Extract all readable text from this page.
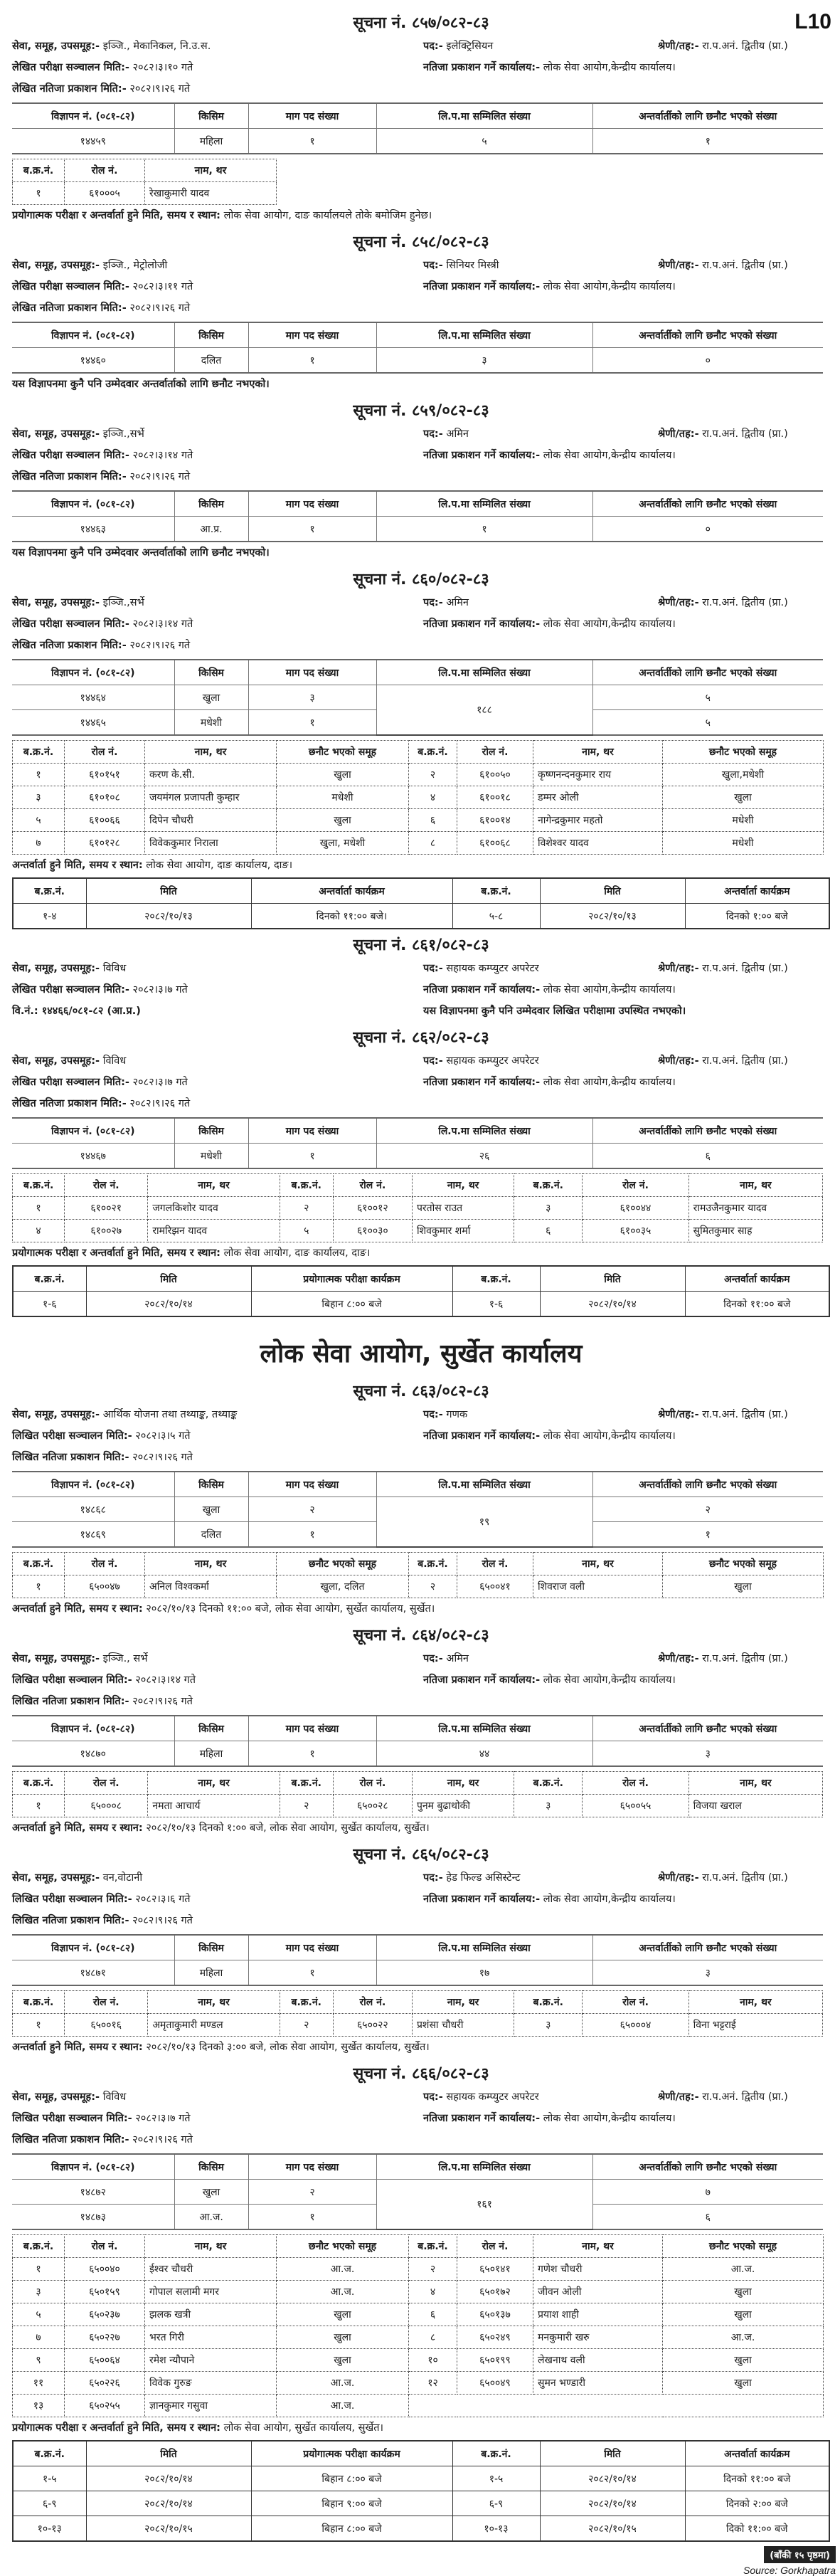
L10
सूचना नं. ८५७/०८२-८३
सेवा, समूह, उपसमूह:- इञ्जि., मेकानिकल, नि.उ.स.	पद:- इलेक्ट्रिसियन	श्रेणी/तह:- रा.प.अनं. द्वितीय (प्रा.)
लेखित परीक्षा सञ्चालन मिति:- २०८२।३।१० गते	नतिजा प्रकाशन गर्ने कार्यालय:- लोक सेवा आयोग,केन्द्रीय कार्यालय।
लेखित नतिजा प्रकाशन मिति:- २०८२।९।२६ गते
विज्ञापन नं. (०८१-८२)	किसिम	माग पद संख्या	लि.प.मा सम्मिलित संख्या	अन्तर्वार्तीको लागि छनौट भएको संख्या
१४४५९	महिला	१	५	१
ब.क्र.नं.	रोल नं.	नाम, थर
१	६१०००५	रेखाकुमारी यादव
प्रयोगात्मक परीक्षा र अन्तर्वार्ता हुने मिति, समय र स्थान: लोक सेवा आयोग, दाङ कार्यालयले तोके बमोजिम हुनेछ।
सूचना नं. ८५८/०८२-८३
सेवा, समूह, उपसमूह:- इञ्जि., मेट्रोलोजी	पद:- सिनियर मिस्त्री	श्रेणी/तह:- रा.प.अनं. द्वितीय (प्रा.)
लेखित परीक्षा सञ्चालन मिति:- २०८२।३।११ गते	नतिजा प्रकाशन गर्ने कार्यालय:- लोक सेवा आयोग,केन्द्रीय कार्यालय।
लेखित नतिजा प्रकाशन मिति:- २०८२।९।२६ गते
विज्ञापन नं. (०८१-८२)	किसिम	माग पद संख्या	लि.प.मा सम्मिलित संख्या	अन्तर्वार्तीको लागि छनौट भएको संख्या
१४४६०	दलित	१	३	०
यस विज्ञापनमा कुनै पनि उम्मेदवार अन्तर्वार्ताको लागि छनौट नभएको।
सूचना नं. ८५९/०८२-८३
सेवा, समूह, उपसमूह:- इञ्जि.,सर्भे	पद:- अमिन	श्रेणी/तह:- रा.प.अनं. द्वितीय (प्रा.)
लेखित परीक्षा सञ्चालन मिति:- २०८२।३।१४ गते	नतिजा प्रकाशन गर्ने कार्यालय:- लोक सेवा आयोग,केन्द्रीय कार्यालय।
लेखित नतिजा प्रकाशन मिति:- २०८२।९।२६ गते
विज्ञापन नं. (०८१-८२)	किसिम	माग पद संख्या	लि.प.मा सम्मिलित संख्या	अन्तर्वार्तीको लागि छनौट भएको संख्या
१४४६३	आ.प्र.	१	१	०
यस विज्ञापनमा कुनै पनि उम्मेदवार अन्तर्वार्ताको लागि छनौट नभएको।
सूचना नं. ८६०/०८२-८३
सेवा, समूह, उपसमूह:- इञ्जि.,सर्भे	पद:- अमिन	श्रेणी/तह:- रा.प.अनं. द्वितीय (प्रा.)
लेखित परीक्षा सञ्चालन मिति:- २०८२।३।१४ गते	नतिजा प्रकाशन गर्ने कार्यालय:- लोक सेवा आयोग,केन्द्रीय कार्यालय।
लेखित नतिजा प्रकाशन मिति:- २०८२।९।२६ गते
विज्ञापन नं. (०८१-८२)	किसिम	माग पद संख्या	लि.प.मा सम्मिलित संख्या	अन्तर्वार्तीको लागि छनौट भएको संख्या
१४४६४	खुला	३	१८८	५
१४४६५	मधेशी	१		५
ब.क्र.नं.	रोल नं.	नाम, थर	छनौट भएको समूह	ब.क्र.नं.	रोल नं.	नाम, थर	छनौट भएको समूह
१	६१०१५१	करण के.सी.	खुला	२	६१००५०	कृष्णनन्दनकुमार राय	खुला,मधेशी
३	६१०१०८	जयमंगल प्रजापती कुम्हार	मधेशी	४	६१००१८	डम्मर ओली	खुला
५	६१००६६	दिपेन चौधरी	खुला	६	६१००१४	नागेन्द्रकुमार महतो	मधेशी
७	६१०१२८	विवेककुमार निराला	खुला, मधेशी	८	६१००६८	विशेश्वर यादव	मधेशी
अन्तर्वार्ता हुने मिति, समय र स्थान: लोक सेवा आयोग, दाङ कार्यालय, दाङ।
ब.क्र.नं.	मिति	अन्तर्वार्ता कार्यक्रम	ब.क्र.नं.	मिति	अन्तर्वार्ता कार्यक्रम
१-४	२०८२/१०/१३	दिनको ११:०० बजे।	५-८	२०८२/१०/१३	दिनको १:०० बजे
सूचना नं. ८६१/०८२-८३
सेवा, समूह, उपसमूह:- विविध	पद:- सहायक कम्प्युटर अपरेटर	श्रेणी/तह:- रा.प.अनं. द्वितीय (प्रा.)
लेखित परीक्षा सञ्चालन मिति:- २०८२।३।७ गते	नतिजा प्रकाशन गर्ने कार्यालय:- लोक सेवा आयोग,केन्द्रीय कार्यालय।
वि.नं.: १४४६६/०८१-८२ (आ.प्र.)	यस विज्ञापनमा कुनै पनि उम्मेदवार लिखित परीक्षामा उपस्थित नभएको।
सूचना नं. ८६२/०८२-८३
सेवा, समूह, उपसमूह:- विविध	पद:- सहायक कम्प्युटर अपरेटर	श्रेणी/तह:- रा.प.अनं. द्वितीय (प्रा.)
लेखित परीक्षा सञ्चालन मिति:- २०८२।३।७ गते	नतिजा प्रकाशन गर्ने कार्यालय:- लोक सेवा आयोग,केन्द्रीय कार्यालय।
लेखित नतिजा प्रकाशन मिति:- २०८२।९।२६ गते
विज्ञापन नं. (०८१-८२)	किसिम	माग पद संख्या	लि.प.मा सम्मिलित संख्या	अन्तर्वार्तीको लागि छनौट भएको संख्या
१४४६७	मधेशी	१	२६	६
ब.क्र.नं.	रोल नं.	नाम, थर	ब.क्र.नं.	रोल नं.	नाम, थर	ब.क्र.नं.	रोल नं.	नाम, थर
१	६१००२१	जगलकिशोर यादव	२	६१००१२	परतोस राउत	३	६१००४४	रामउजैनकुमार यादव
४	६१००२७	रामरिझन यादव	५	६१००३०	शिवकुमार शर्मा	६	६१००३५	सुमितकुमार साह
प्रयोगात्मक परीक्षा र अन्तर्वार्ता हुने मिति, समय र स्थान: लोक सेवा आयोग, दाङ कार्यालय, दाङ।
ब.क्र.नं.	मिति	प्रयोगात्मक परीक्षा कार्यक्रम	ब.क्र.नं.	मिति	अन्तर्वार्ता कार्यक्रम
१-६	२०८२/१०/१४	बिहान ८:०० बजे	१-६	२०८२/१०/१४	दिनको ११:०० बजे
लोक सेवा आयोग, सुर्खेत कार्यालय
सूचना नं. ८६३/०८२-८३
सेवा, समूह, उपसमूह:- आर्थिक योजना तथा तथ्याङ्क, तथ्याङ्क	पद:- गणक	श्रेणी/तह:- रा.प.अनं. द्वितीय (प्रा.)
लिखित परीक्षा सञ्चालन मिति:- २०८२।३।५ गते	नतिजा प्रकाशन गर्ने कार्यालय:- लोक सेवा आयोग,केन्द्रीय कार्यालय।
लिखित नतिजा प्रकाशन मिति:- २०८२।९।२६ गते
विज्ञापन नं. (०८१-८२)	किसिम	माग पद संख्या	लि.प.मा सम्मिलित संख्या	अन्तर्वार्तीको लागि छनौट भएको संख्या
१४८६८	खुला	२	१९	२
१४८६९	दलित	१		१
ब.क्र.नं.	रोल नं.	नाम, थर	छनौट भएको समूह	ब.क्र.नं.	रोल नं.	नाम, थर	छनौट भएको समूह
१	६५००४७	अनिल विश्वकर्मा	खुला, दलित	२	६५००४१	शिवराज वली	खुला
अन्तर्वार्ता हुने मिति, समय र स्थान: २०८२/१०/१३ दिनको ११:०० बजे, लोक सेवा आयोग, सुर्खेत कार्यालय, सुर्खेत।
सूचना नं. ८६४/०८२-८३
सेवा, समूह, उपसमूह:- इञ्जि., सर्भे	पद:- अमिन	श्रेणी/तह:- रा.प.अनं. द्वितीय (प्रा.)
लिखित परीक्षा सञ्चालन मिति:- २०८२।३।१४ गते	नतिजा प्रकाशन गर्ने कार्यालय:- लोक सेवा आयोग,केन्द्रीय कार्यालय।
लिखित नतिजा प्रकाशन मिति:- २०८२।९।२६ गते
विज्ञापन नं. (०८१-८२)	किसिम	माग पद संख्या	लि.प.मा सम्मिलित संख्या	अन्तर्वार्तीको लागि छनौट भएको संख्या
१४८७०	महिला	१	४४	३
ब.क्र.नं.	रोल नं.	नाम, थर	ब.क्र.नं.	रोल नं.	नाम, थर	ब.क्र.नं.	रोल नं.	नाम, थर
१	६५०००८	नमता आचार्य	२	६५००२८	पुनम बुढाथोकी	३	६५००५५	विजया खराल
अन्तर्वार्ता हुने मिति, समय र स्थान: २०८२/१०/१३ दिनको १:०० बजे, लोक सेवा आयोग, सुर्खेत कार्यालय, सुर्खेत।
सूचना नं. ८६५/०८२-८३
सेवा, समूह, उपसमूह:- वन,वोटानी	पद:- हेड फिल्ड असिस्टेन्ट	श्रेणी/तह:- रा.प.अनं. द्वितीय (प्रा.)
लिखित परीक्षा सञ्चालन मिति:- २०८२।३।६ गते	नतिजा प्रकाशन गर्ने कार्यालय:- लोक सेवा आयोग,केन्द्रीय कार्यालय।
लिखित नतिजा प्रकाशन मिति:- २०८२।९।२६ गते
विज्ञापन नं. (०८१-८२)	किसिम	माग पद संख्या	लि.प.मा सम्मिलित संख्या	अन्तर्वार्तीको लागि छनौट भएको संख्या
१४८७१	महिला	१	१७	३
ब.क्र.नं.	रोल नं.	नाम, थर	ब.क्र.नं.	रोल नं.	नाम, थर	ब.क्र.नं.	रोल नं.	नाम, थर
१	६५००१६	अमृताकुमारी मण्डल	२	६५००२२	प्रशंसा चौधरी	३	६५०००४	विना भट्टराई
अन्तर्वार्ता हुने मिति, समय र स्थान: २०८२/१०/१३ दिनको ३:०० बजे, लोक सेवा आयोग, सुर्खेत कार्यालय, सुर्खेत।
सूचना नं. ८६६/०८२-८३
सेवा, समूह, उपसमूह:- विविध	पद:- सहायक कम्प्युटर अपरेटर	श्रेणी/तह:- रा.प.अनं. द्वितीय (प्रा.)
लिखित परीक्षा सञ्चालन मिति:- २०८२।३।७ गते	नतिजा प्रकाशन गर्ने कार्यालय:- लोक सेवा आयोग,केन्द्रीय कार्यालय।
लिखित नतिजा प्रकाशन मिति:- २०८२।९।२६ गते
विज्ञापन नं. (०८१-८२)	किसिम	माग पद संख्या	लि.प.मा सम्मिलित संख्या	अन्तर्वार्तीको लागि छनौट भएको संख्या
१४८७२	खुला	२	१६१	७
१४८७३	आ.ज.	१		६
ब.क्र.नं.	रोल नं.	नाम, थर	छनौट भएको समूह	ब.क्र.नं.	रोल नं.	नाम, थर	छनौट भएको समूह
१	६५००४०	ईश्वर चौधरी	आ.ज.	२	६५०१४१	गणेश चौधरी	आ.ज.
३	६५०१५९	गोपाल सलामी मगर	आ.ज.	४	६५०१७२	जीवन ओली	खुला
५	६५०२३७	झलक खत्री	खुला	६	६५०१३७	प्रयाश शाही	खुला
७	६५०२२७	भरत गिरी	खुला	८	६५०२४९	मनकुमारी खरु	आ.ज.
९	६५००६४	रमेश न्यौपाने	खुला	१०	६५०१९९	लेखनाथ वली	खुला
११	६५०२२६	विवेक गुरुङ	आ.ज.	१२	६५००४९	सुमन भण्डारी	खुला
१३	६५०२५५	ज्ञानकुमार गसुवा	आ.ज.				
प्रयोगात्मक परीक्षा र अन्तर्वार्ता हुने मिति, समय र स्थान: लोक सेवा आयोग, सुर्खेत कार्यालय, सुर्खेत।
ब.क्र.नं.	मिति	प्रयोगात्मक परीक्षा कार्यक्रम	ब.क्र.नं.	मिति	अन्तर्वार्ता कार्यक्रम
१-५	२०८२/१०/१४	बिहान ८:०० बजे	१-५	२०८२/१०/१४	दिनको ११:०० बजे
६-९	२०८२/१०/१४	बिहान ९:०० बजे	६-९	२०८२/१०/१४	दिनको २:०० बजे
१०-१३	२०८२/१०/१५	बिहान ८:०० बजे	१०-१३	२०८२/१०/१५	दिको ११:०० बजे
(बाँकी १५ पृष्ठमा)
Source: Gorkhapatra
